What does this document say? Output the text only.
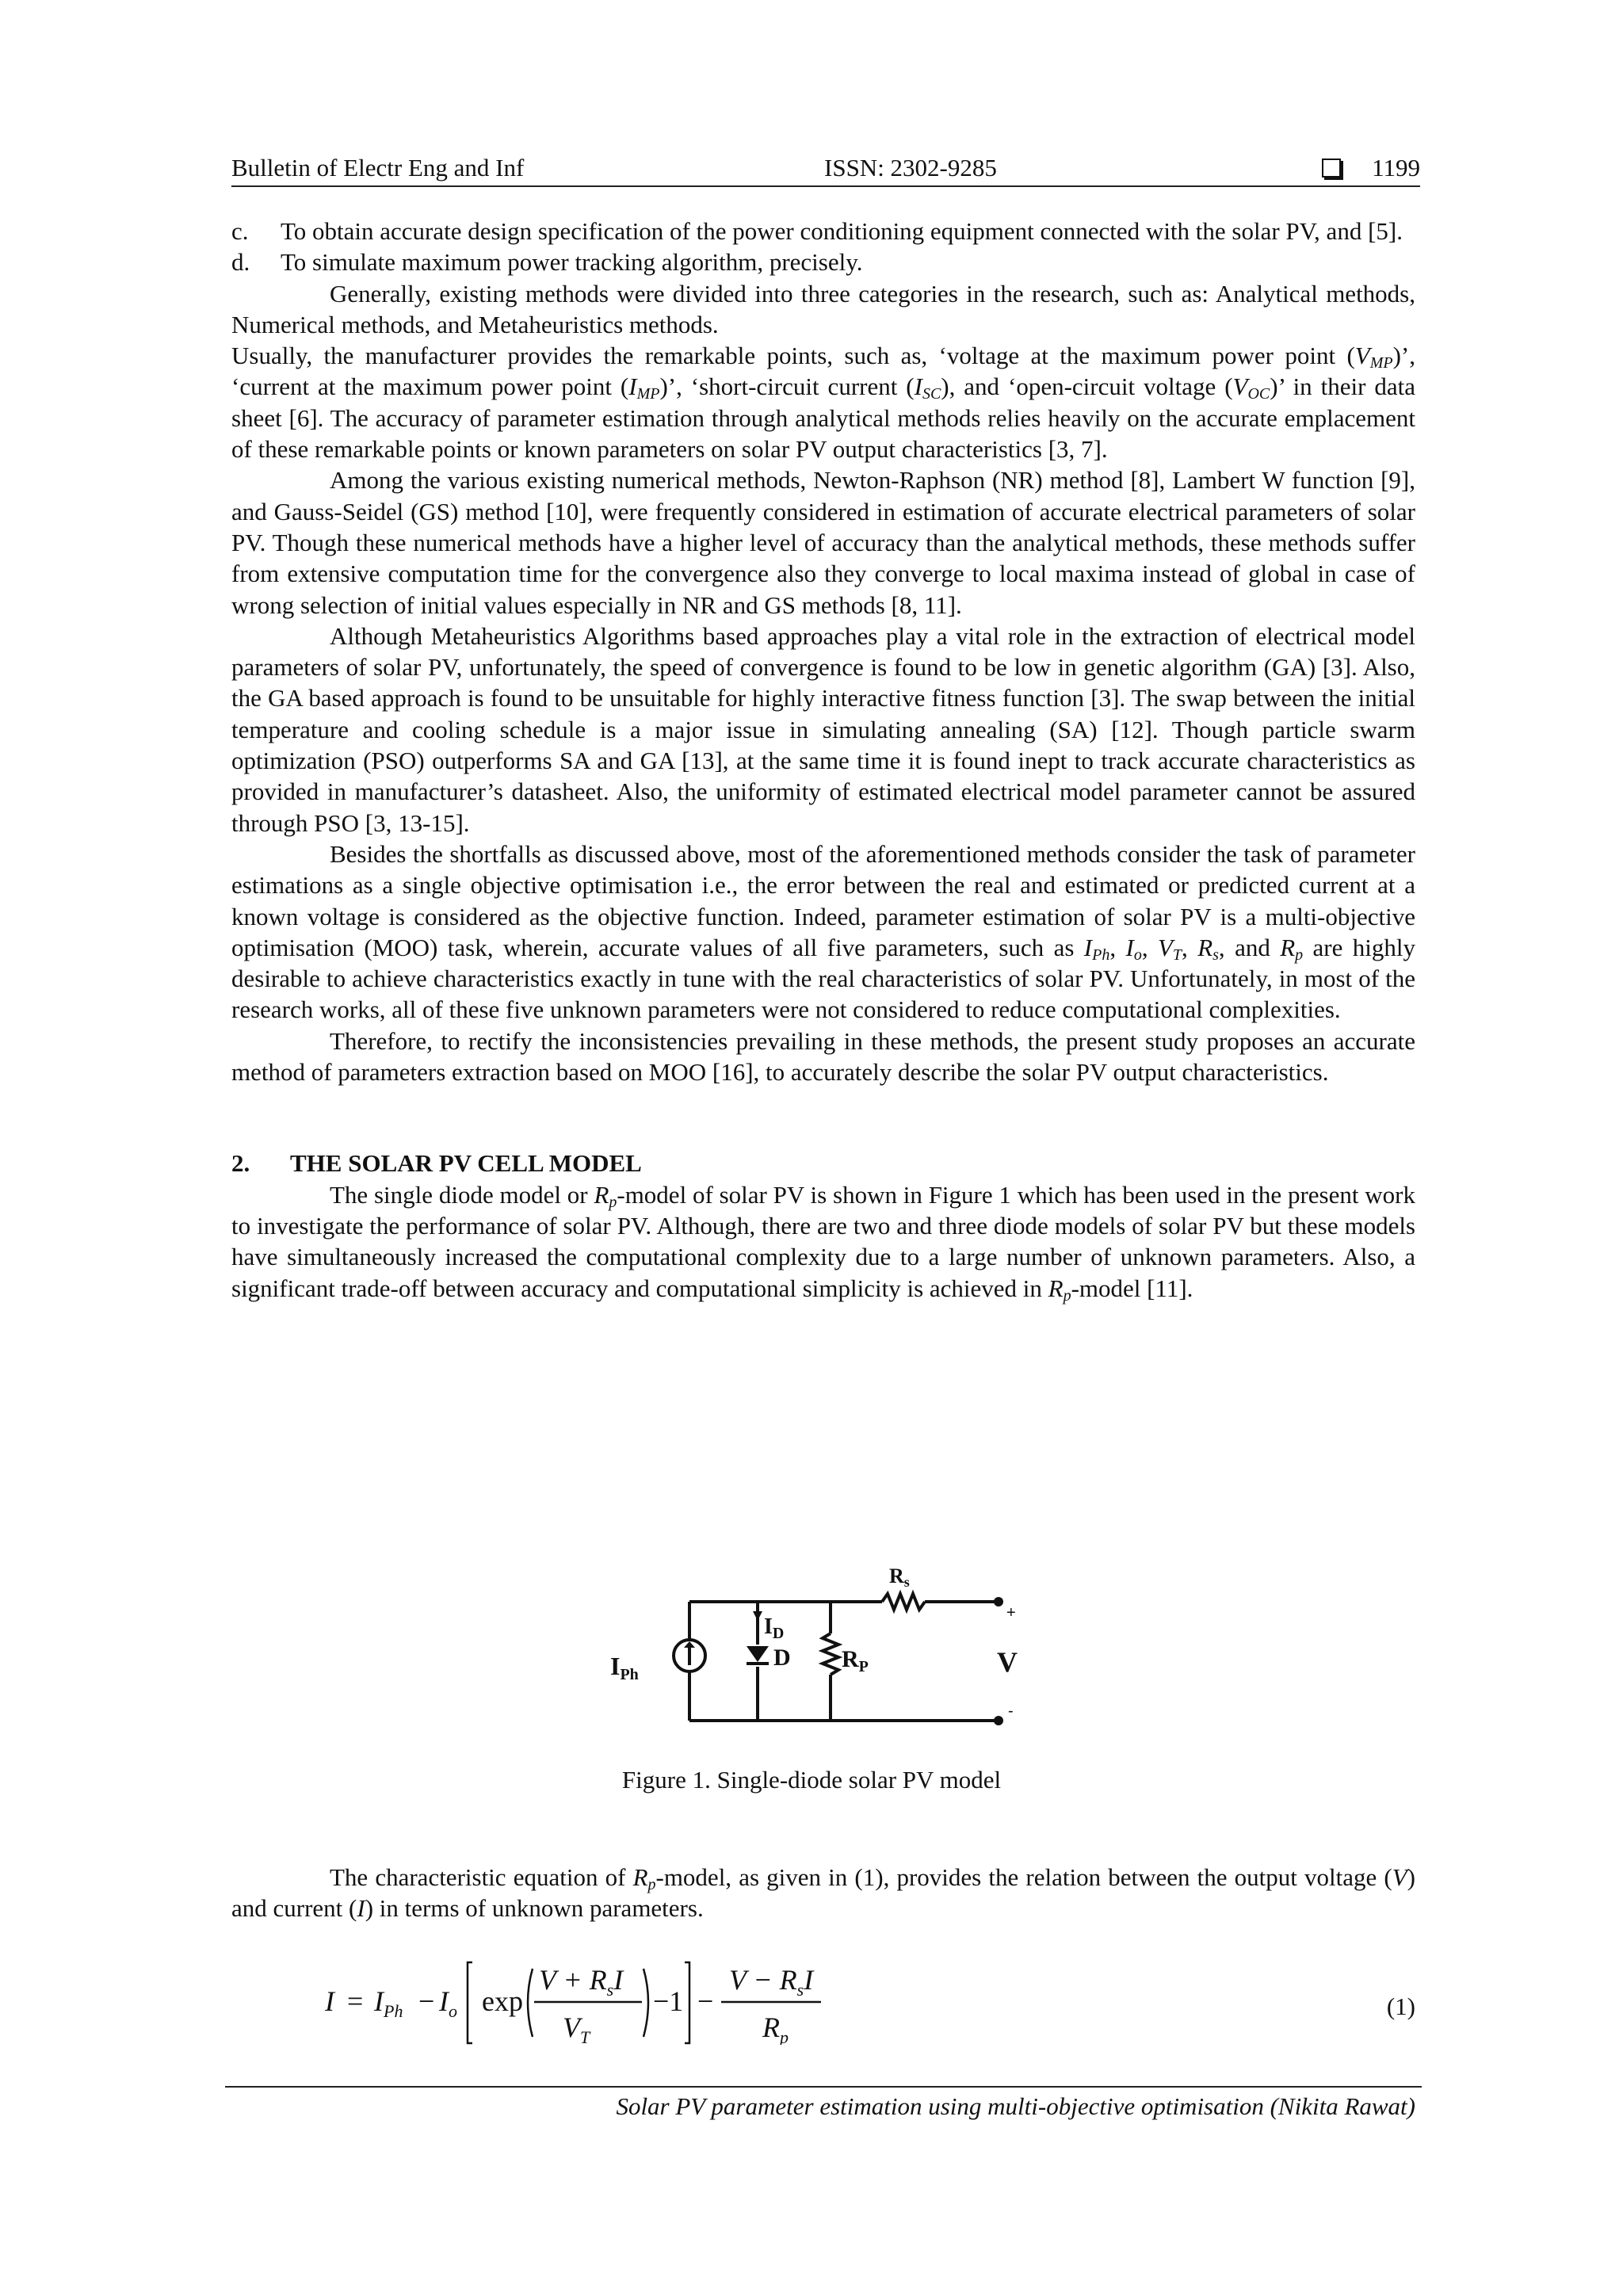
Bulletin of Electr Eng and Inf	ISSN: 2302-9285	1199
c.	To obtain accurate design specification of the power conditioning equipment connected with the solar PV, and [5].
d.	To simulate maximum power tracking algorithm, precisely.

Generally, existing methods were divided into three categories in the research, such as: Analytical methods, Numerical methods, and Metaheuristics methods.

Usually, the manufacturer provides the remarkable points, such as, ‘voltage at the maximum power point $(V_{MP})$’, ‘current at the maximum power point $(I_{MP})$’, ‘short-circuit current $(I_{SC})$, and ‘open-circuit voltage $(V_{OC})$’ in their data sheet [6]. The accuracy of parameter estimation through analytical methods relies heavily on the accurate emplacement of these remarkable points or known parameters on solar PV output characteristics [3, 7].

Among the various existing numerical methods, Newton-Raphson (NR) method [8], Lambert W function [9], and Gauss-Seidel (GS) method [10], were frequently considered in estimation of accurate electrical parameters of solar PV. Though these numerical methods have a higher level of accuracy than the analytical methods, these methods suffer from extensive computation time for the convergence also they converge to local maxima instead of global in case of wrong selection of initial values especially in NR and GS methods [8, 11].

Although Metaheuristics Algorithms based approaches play a vital role in the extraction of electrical model parameters of solar PV, unfortunately, the speed of convergence is found to be low in genetic algorithm (GA) [3]. Also, the GA based approach is found to be unsuitable for highly interactive fitness function [3]. The swap between the initial temperature and cooling schedule is a major issue in simulating annealing (SA) [12]. Though particle swarm optimization (PSO) outperforms SA and GA [13], at the same time it is found inept to track accurate characteristics as provided in manufacturer’s datasheet. Also, the uniformity of estimated electrical model parameter cannot be assured through PSO [3, 13-15].

Besides the shortfalls as discussed above, most of the aforementioned methods consider the task of parameter estimations as a single objective optimisation i.e., the error between the real and estimated or predicted current at a known voltage is considered as the objective function. Indeed, parameter estimation of solar PV is a multi-objective optimisation (MOO) task, wherein, accurate values of all five parameters, such as $I_{Ph}$, $I_o$, $V_T$, $R_s$, and $R_p$ are highly desirable to achieve characteristics exactly in tune with the real characteristics of solar PV. Unfortunately, in most of the research works, all of these five unknown parameters were not considered to reduce computational complexities.

Therefore, to rectify the inconsistencies prevailing in these methods, the present study proposes an accurate method of parameters extraction based on MOO [16], to accurately describe the solar PV output characteristics.

2. THE SOLAR PV CELL MODEL

The single diode model or $R_p$-model of solar PV is shown in Figure 1 which has been used in the present work to investigate the performance of solar PV. Although, there are two and three diode models of solar PV but these models have simultaneously increased the computational complexity due to a large number of unknown parameters. Also, a significant trade-off between accuracy and computational simplicity is achieved in $R_p$-model [11].

Rs
$I_D$
D $R_P$
IPh	V
+
-
Figure 1. Single-diode solar PV model

The characteristic equation of $R_p$-model, as given in (1), provides the relation between the output voltage (V) and current (I) in terms of unknown parameters.

$I = I_{Ph} - I_o$ exp
$V + R_sI$
$V_T$
−1 −
$V - R_sI$
$R_p$
(1)
Solar PV parameter estimation using multi-objective optimisation (Nikita Rawat)
